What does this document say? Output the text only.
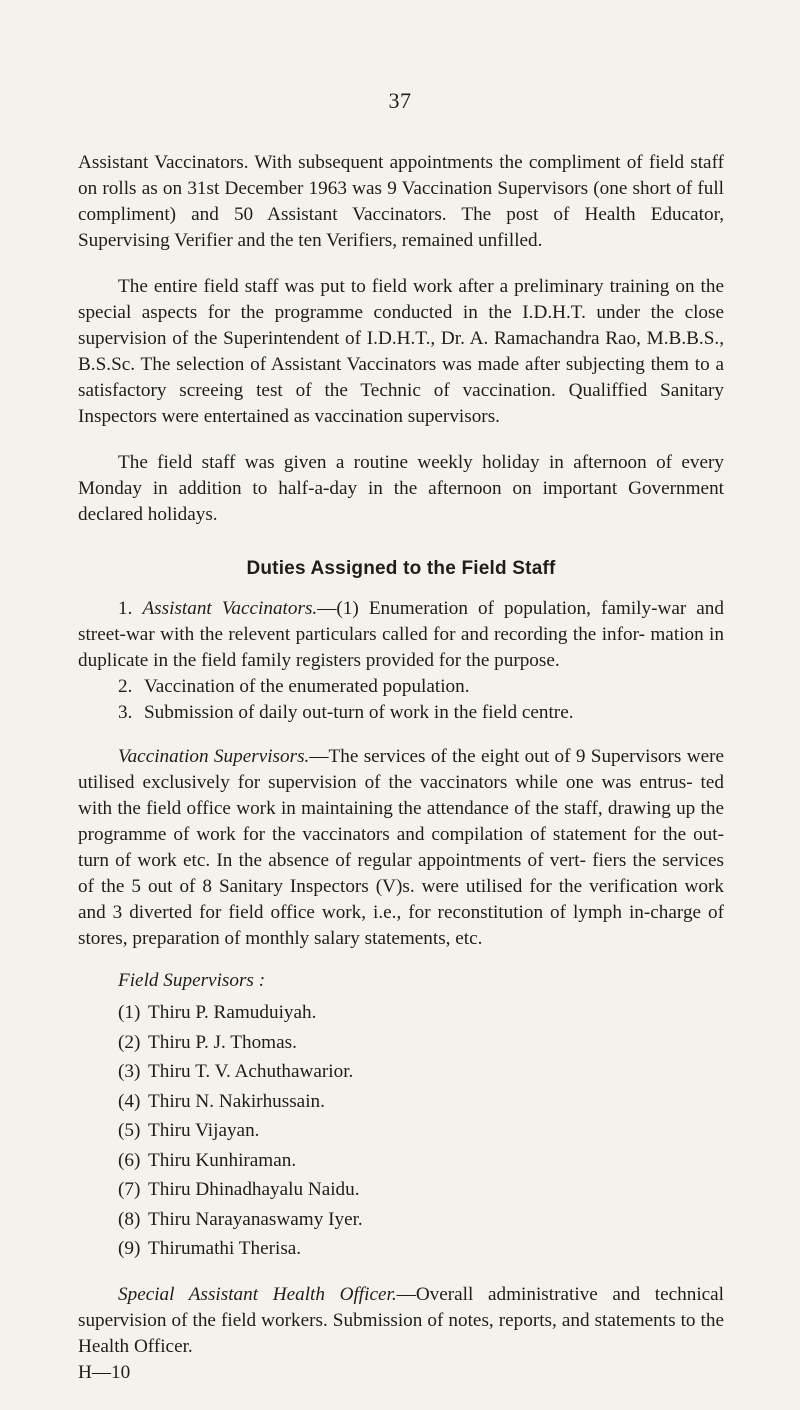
37

Assistant Vaccinators. With subsequent appointments the compliment of field staff on rolls as on 31st December 1963 was 9 Vaccination Supervisors (one short of full compliment) and 50 Assistant Vaccinators. The post of Health Educator, Supervising Verifier and the ten Verifiers, remained unfilled.

The entire field staff was put to field work after a preliminary training on the special aspects for the programme conducted in the I.D.H.T. under the close supervision of the Superintendent of I.D.H.T., Dr. A. Ramachandra Rao, M.B.B.S., B.S.Sc. The selection of Assistant Vaccinators was made after subjecting them to a satisfactory screeing test of the Technic of vaccination. Qualiffied Sanitary Inspectors were entertained as vaccination supervisors.

The field staff was given a routine weekly holiday in afternoon of every Monday in addition to half-a-day in the afternoon on important Government declared holidays.

Duties Assigned to the Field Staff

1. Assistant Vaccinators.—(1) Enumeration of population, family-war and street-war with the relevent particulars called for and recording the infor- mation in duplicate in the field family registers provided for the purpose.

2. Vaccination of the enumerated population.

3. Submission of daily out-turn of work in the field centre.

Vaccination Supervisors.—The services of the eight out of 9 Supervisors were utilised exclusively for supervision of the vaccinators while one was entrus- ted with the field office work in maintaining the attendance of the staff, drawing up the programme of work for the vaccinators and compilation of statement for the out-turn of work etc. In the absence of regular appointments of vert- fiers the services of the 5 out of 8 Sanitary Inspectors (V)s. were utilised for the verification work and 3 diverted for field office work, i.e., for reconstitution of lymph in-charge of stores, preparation of monthly salary statements, etc.

Field Supervisors :
(1) Thiru P. Ramuduiyah.
(2) Thiru P. J. Thomas.
(3) Thiru T. V. Achuthawarior.
(4) Thiru N. Nakirhussain.
(5) Thiru Vijayan.
(6) Thiru Kunhiraman.
(7) Thiru Dhinadhayalu Naidu.
(8) Thiru Narayanaswamy Iyer.
(9) Thirumathi Therisa.

Special Assistant Health Officer.—Overall administrative and technical supervision of the field workers. Submission of notes, reports, and statements to the Health Officer.

H—10
